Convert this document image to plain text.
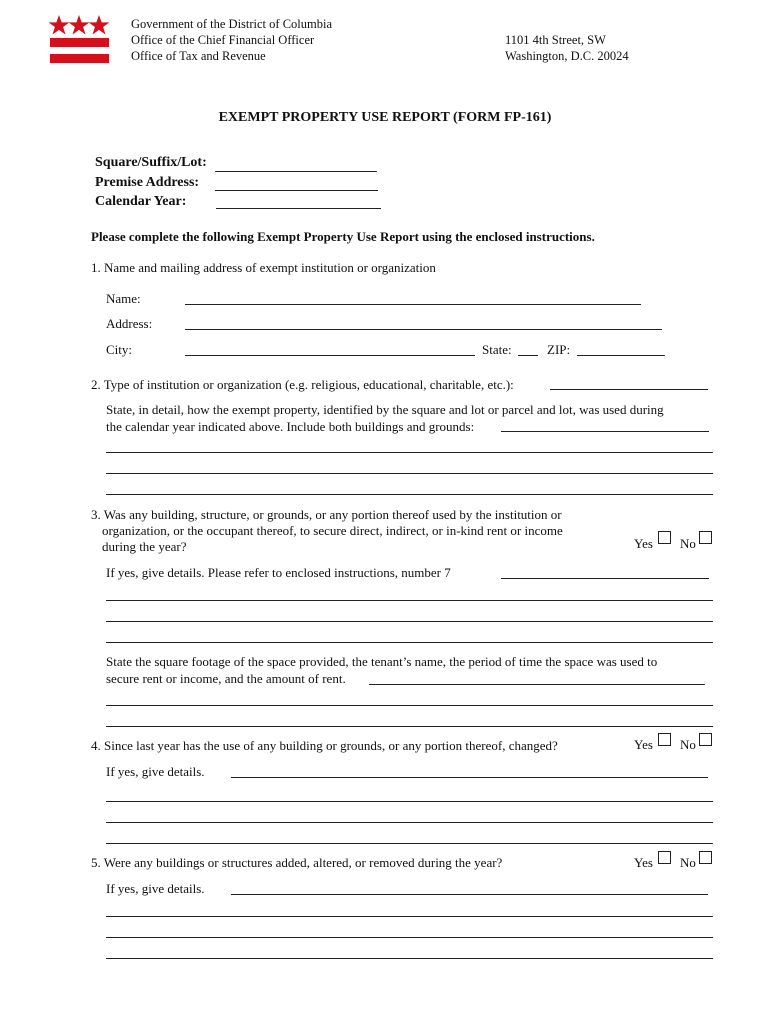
Government of the District of Columbia
Office of the Chief Financial Officer
Office of Tax and Revenue
1101 4th Street, SW
Washington, D.C. 20024
EXEMPT PROPERTY USE REPORT (FORM FP-161)
Square/Suffix/Lot:
Premise Address:
Calendar Year:
Please complete the following Exempt Property Use Report using the enclosed instructions.
1. Name and mailing address of exempt institution or organization
Name:
Address:
City:	State:	ZIP:
2. Type of institution or organization (e.g. religious, educational, charitable, etc.):
State, in detail, how the exempt property, identified by the square and lot or parcel and lot, was used during
the calendar year indicated above. Include both buildings and grounds:
3. Was any building, structure, or grounds, or any portion thereof used by the institution or
organization, or the occupant thereof, to secure direct, indirect, or in-kind rent or income
during the year?	Yes No
If yes, give details. Please refer to enclosed instructions, number 7
State the square footage of the space provided, the tenant’s name, the period of time the space was used to
secure rent or income, and the amount of rent.
4. Since last year has the use of any building or grounds, or any portion thereof, changed?	Yes No
If yes, give details.
5. Were any buildings or structures added, altered, or removed during the year?	Yes No
If yes, give details.
